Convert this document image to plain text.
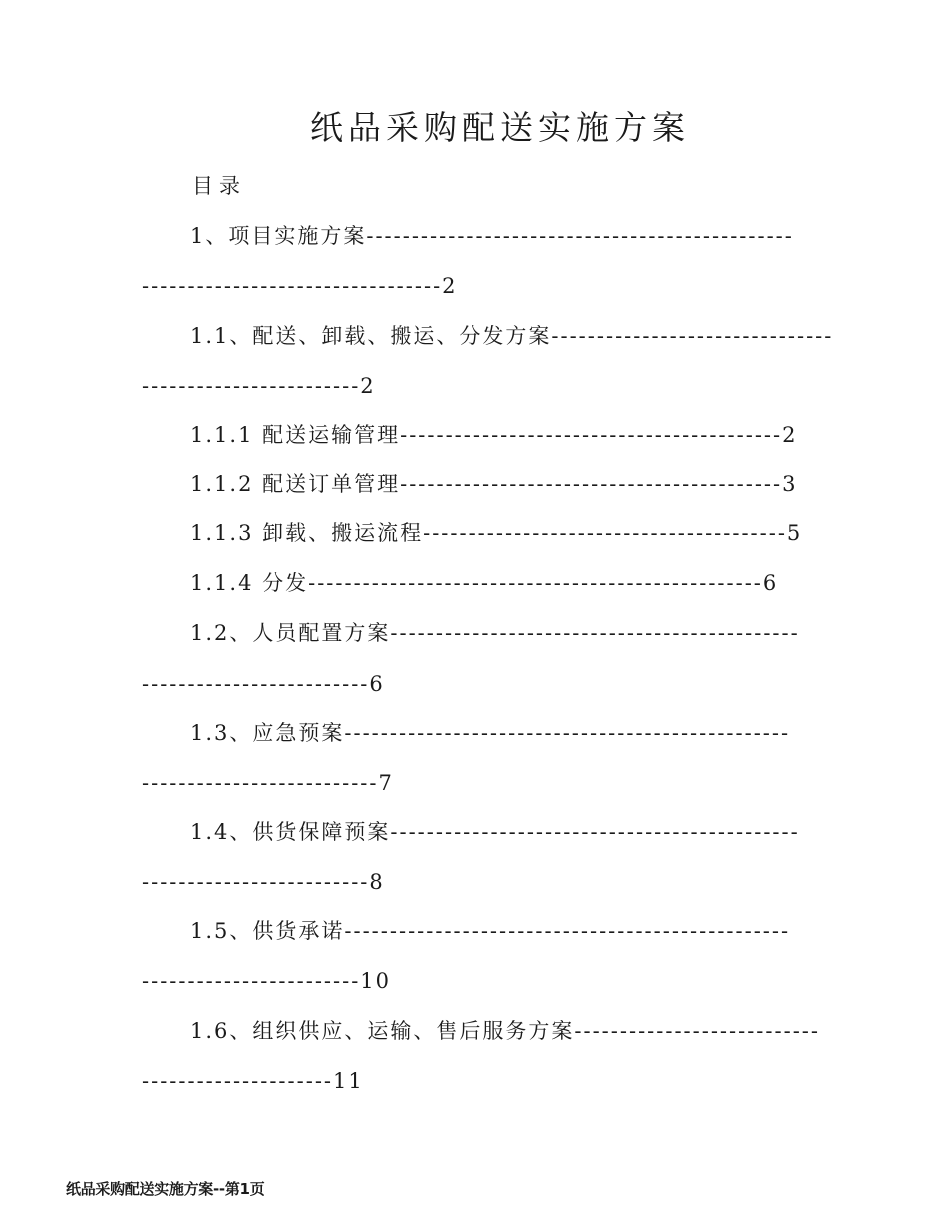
纸品采购配送实施方案
目录
1、项目实施方案-----------------------------------------------
---------------------------------2
1.1、配送、卸载、搬运、分发方案-------------------------------
------------------------2
1.1.1 配送运输管理------------------------------------------2
1.1.2 配送订单管理------------------------------------------3
1.1.3 卸载、搬运流程----------------------------------------5
1.1.4 分发--------------------------------------------------6
1.2、人员配置方案---------------------------------------------
-------------------------6
1.3、应急预案-------------------------------------------------
--------------------------7
1.4、供货保障预案---------------------------------------------
-------------------------8
1.5、供货承诺-------------------------------------------------
------------------------10
1.6、组织供应、运输、售后服务方案---------------------------
---------------------11
纸品采购配送实施方案--第1页
